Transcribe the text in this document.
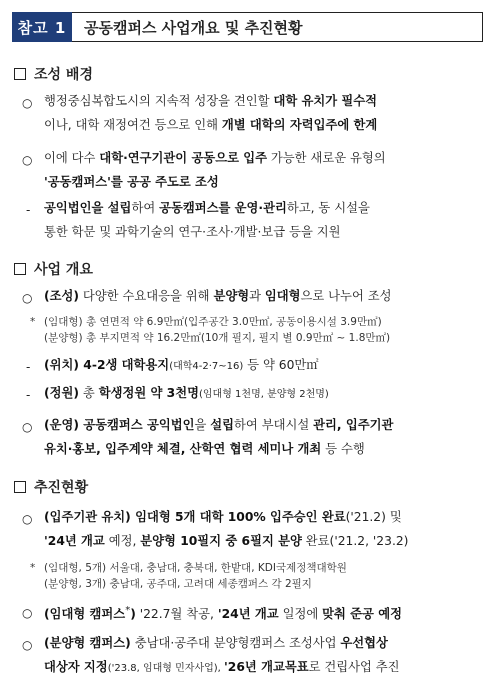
참고 1	공동캠퍼스 사업개요 및 추진현황
조성 배경
○ 행정중심복합도시의 지속적 성장을 견인할 대학 유치가 필수적
이나, 대학 재정여건 등으로 인해 개별 대학의 자력입주에 한계
○ 이에 다수 대학·연구기관이 공동으로 입주 가능한 새로운 유형의
'공동캠퍼스'를 공공 주도로 조성
- 공익법인을 설립하여 공동캠퍼스를 운영·관리하고, 동 시설을
통한 학문 및 과학기술의 연구·조사·개발·보급 등을 지원
사업 개요
○ (조성) 다양한 수요대응을 위해 분양형과 임대형으로 나누어 조성
* (임대형) 총 연면적 약 6.9만㎡(입주공간 3.0만㎡, 공동이용시설 3.9만㎡)
(분양형) 총 부지면적 약 16.2만㎡(10개 필지, 필지 별 0.9만㎡ ~ 1.8만㎡)
- (위치) 4-2생 대학용지(대학4-2·7~16) 등 약 60만㎡
- (정원) 총 학생정원 약 3천명(임대형 1천명, 분양형 2천명)
○ (운영) 공동캠퍼스 공익법인을 설립하여 부대시설 관리, 입주기관
유치·홍보, 입주계약 체결, 산학연 협력 세미나 개최 등 수행
추진현황
○ (입주기관 유치) 임대형 5개 대학 100% 입주승인 완료('21.2) 및
'24년 개교 예정, 분양형 10필지 중 6필지 분양 완료('21.2, '23.2)
* (임대형, 5개) 서울대, 충남대, 충북대, 한밭대, KDI국제정책대학원
(분양형, 3개) 충남대, 공주대, 고려대 세종캠퍼스 각 2필지
○ (임대형 캠퍼스*) '22.7월 착공, '24년 개교 일정에 맞춰 준공 예정
○ (분양형 캠퍼스) 충남대·공주대 분양형캠퍼스 조성사업 우선협상
대상자 지정('23.8, 임대형 민자사업), '26년 개교목표로 건립사업 추진
